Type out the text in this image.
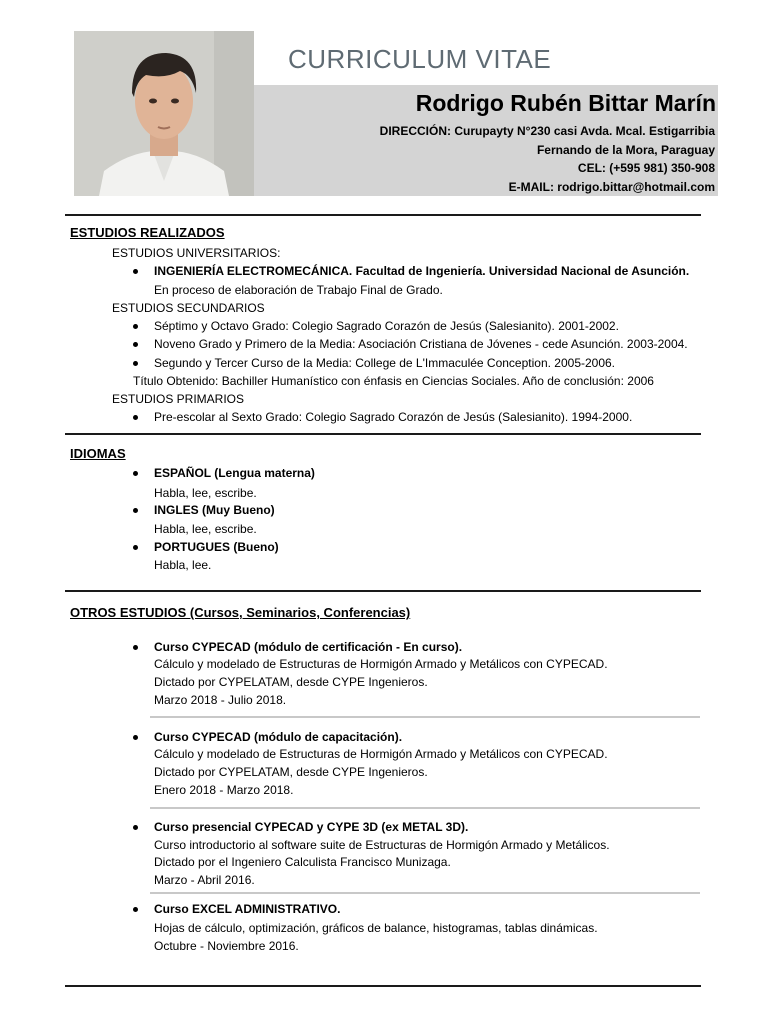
CURRICULUM VITAE
Rodrigo Rubén Bittar Marín
DIRECCIÓN: Curupayty N°230 casi Avda. Mcal. Estigarribia
Fernando de la Mora, Paraguay
CEL: (+595 981) 350-908
E-MAIL: rodrigo.bittar@hotmail.com
ESTUDIOS REALIZADOS
ESTUDIOS UNIVERSITARIOS:
INGENIERÍA ELECTROMECÁNICA. Facultad de Ingeniería. Universidad Nacional de Asunción.
En proceso de elaboración de Trabajo Final de Grado.
ESTUDIOS SECUNDARIOS
Séptimo y Octavo Grado: Colegio Sagrado Corazón de Jesús (Salesianito). 2001-2002.
Noveno Grado y Primero de la Media: Asociación Cristiana de Jóvenes - cede Asunción. 2003-2004.
Segundo y Tercer Curso de la Media: College de L'Immaculée Conception. 2005-2006.
Título Obtenido: Bachiller Humanístico con énfasis en Ciencias Sociales. Año de conclusión: 2006
ESTUDIOS PRIMARIOS
Pre-escolar al Sexto Grado: Colegio Sagrado Corazón de Jesús (Salesianito). 1994-2000.
IDIOMAS
ESPAÑOL (Lengua materna)
Habla, lee, escribe.
INGLES (Muy Bueno)
Habla, lee, escribe.
PORTUGUES (Bueno)
Habla, lee.
OTROS ESTUDIOS (Cursos, Seminarios, Conferencias)
Curso CYPECAD (módulo de certificación - En curso).
Cálculo y modelado de Estructuras de Hormigón Armado y Metálicos con CYPECAD.
Dictado por CYPELATAM, desde CYPE Ingenieros.
Marzo 2018 - Julio 2018.
Curso CYPECAD (módulo de capacitación).
Cálculo y modelado de Estructuras de Hormigón Armado y Metálicos con CYPECAD.
Dictado por CYPELATAM, desde CYPE Ingenieros.
Enero 2018 - Marzo 2018.
Curso presencial CYPECAD y CYPE 3D (ex METAL 3D).
Curso introductorio al software suite de Estructuras de Hormigón Armado y Metálicos.
Dictado por el Ingeniero Calculista Francisco Munizaga.
Marzo - Abril 2016.
Curso EXCEL ADMINISTRATIVO.
Hojas de cálculo, optimización, gráficos de balance, histogramas, tablas dinámicas.
Octubre - Noviembre 2016.
